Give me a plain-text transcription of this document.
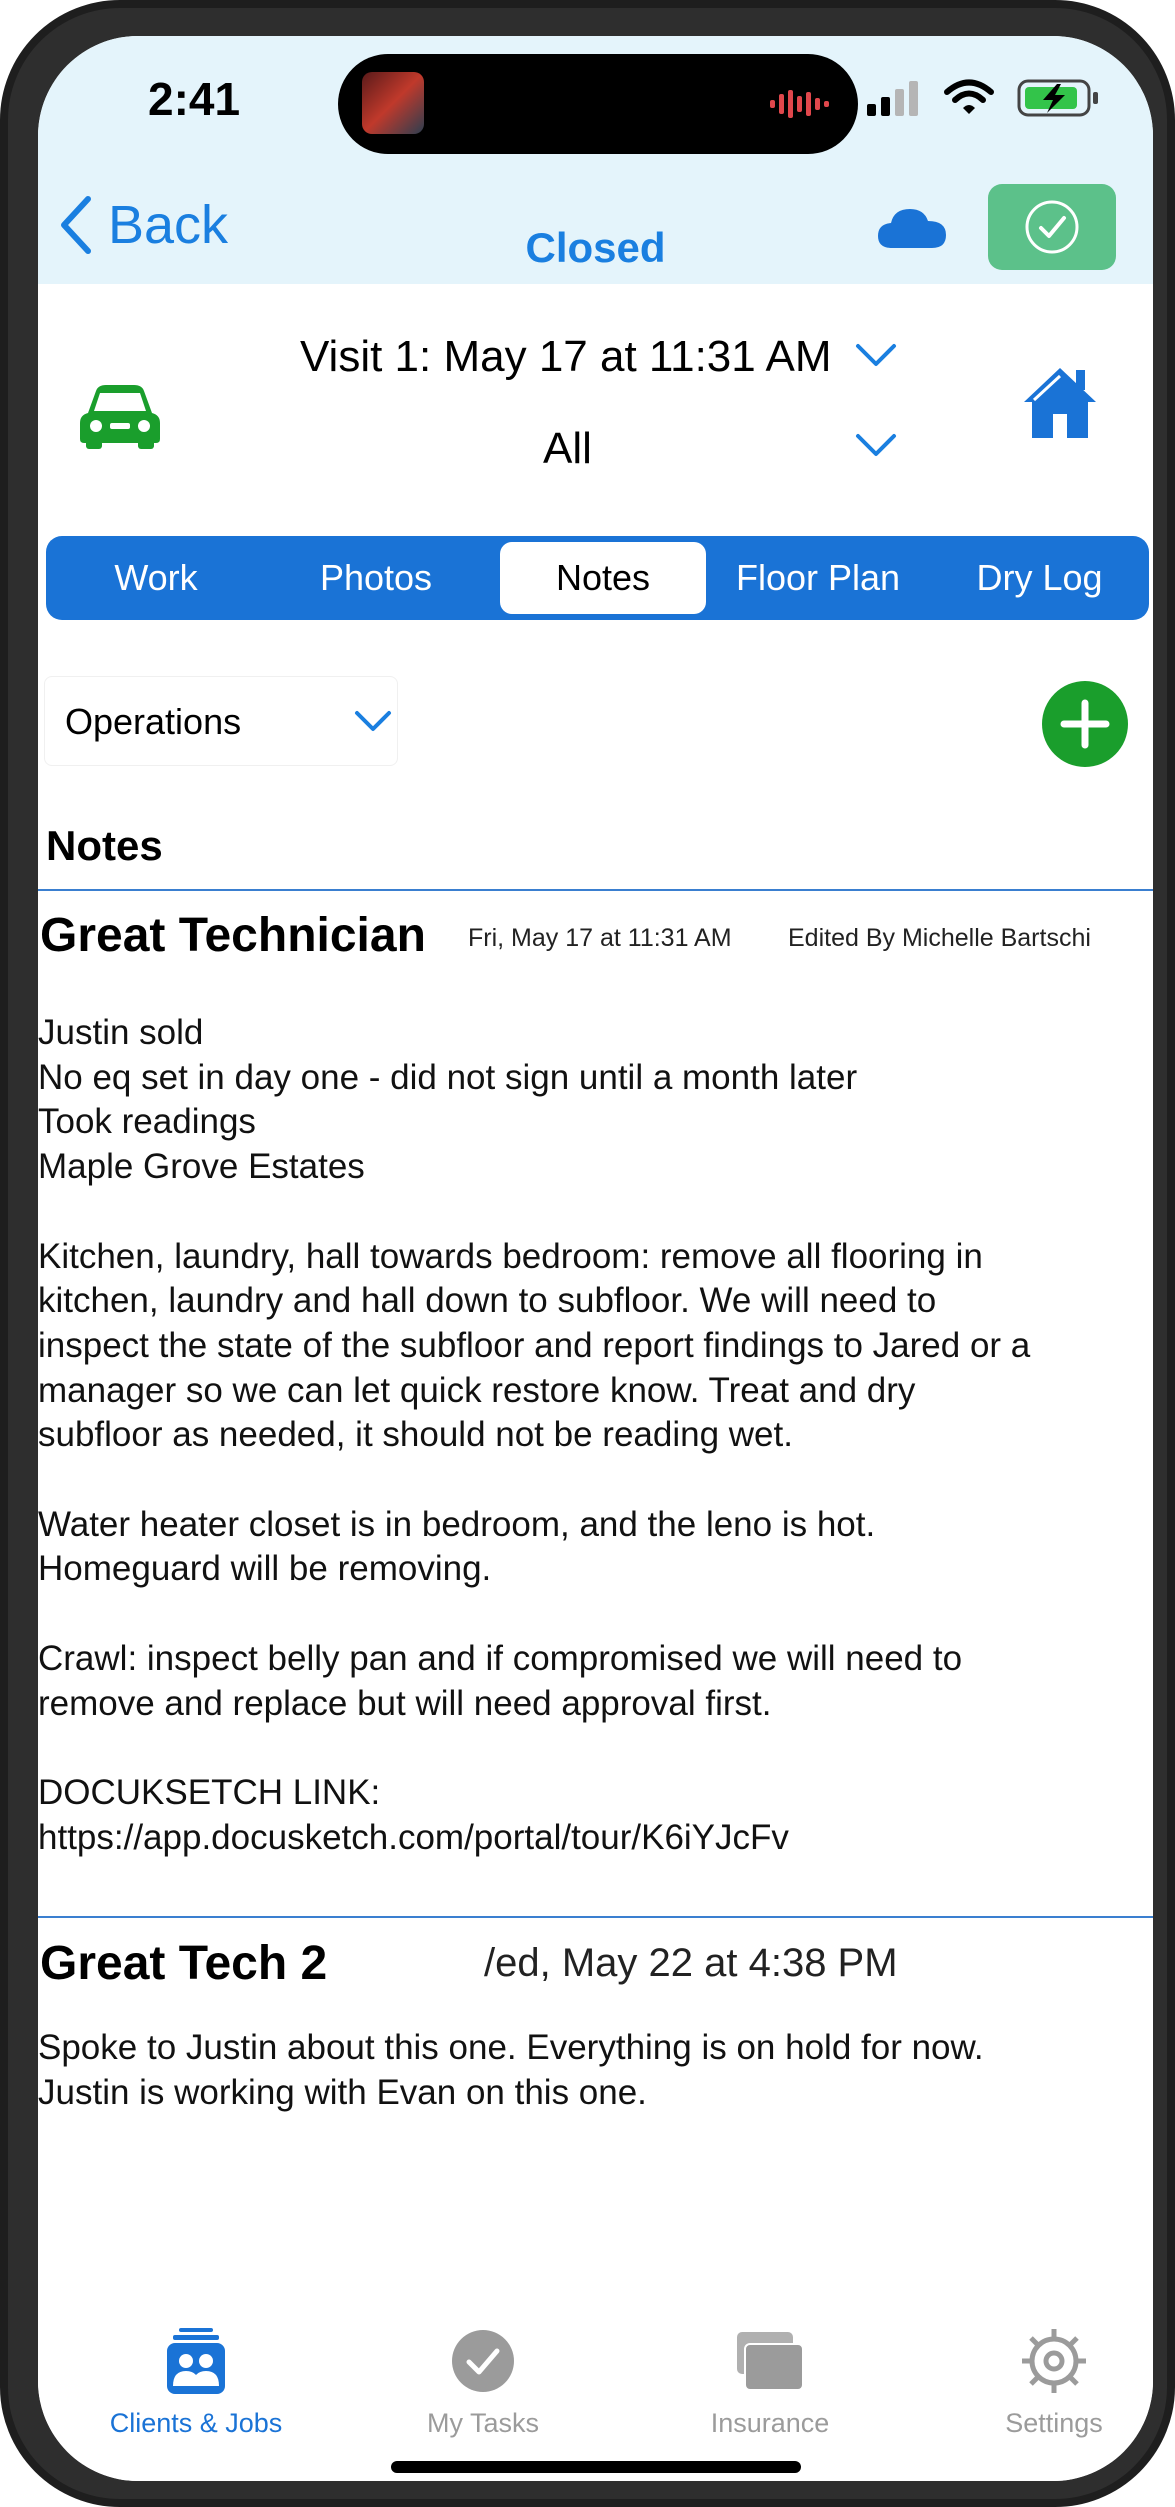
2:41
Back	Closed
Visit 1: May 17 at 11:31 AM
All
Work	Photos	Notes	Floor Plan	Dry Log
Operations
Notes
Great Technician Fri, May 17 at 11:31 AM Edited By Michelle Bartschi
Justin sold
No eq set in day one - did not sign until a month later
Took readings
Maple Grove Estates

Kitchen, laundry, hall towards bedroom: remove all flooring in
kitchen, laundry and hall down to subfloor. We will need to
inspect the state of the subfloor and report findings to Jared or a
manager so we can let quick restore know. Treat and dry
subfloor as needed, it should not be reading wet.

Water heater closet is in bedroom, and the leno is hot.
Homeguard will be removing.

Crawl: inspect belly pan and if compromised we will need to
remove and replace but will need approval first.

DOCUKSETCH LINK:
https://app.docusketch.com/portal/tour/K6iYJcFv
Great Tech 2	/ed, May 22 at 4:38 PM
Spoke to Justin about this one. Everything is on hold for now.
Justin is working with Evan on this one.
Clients & Jobs	My Tasks	Insurance	Settings
